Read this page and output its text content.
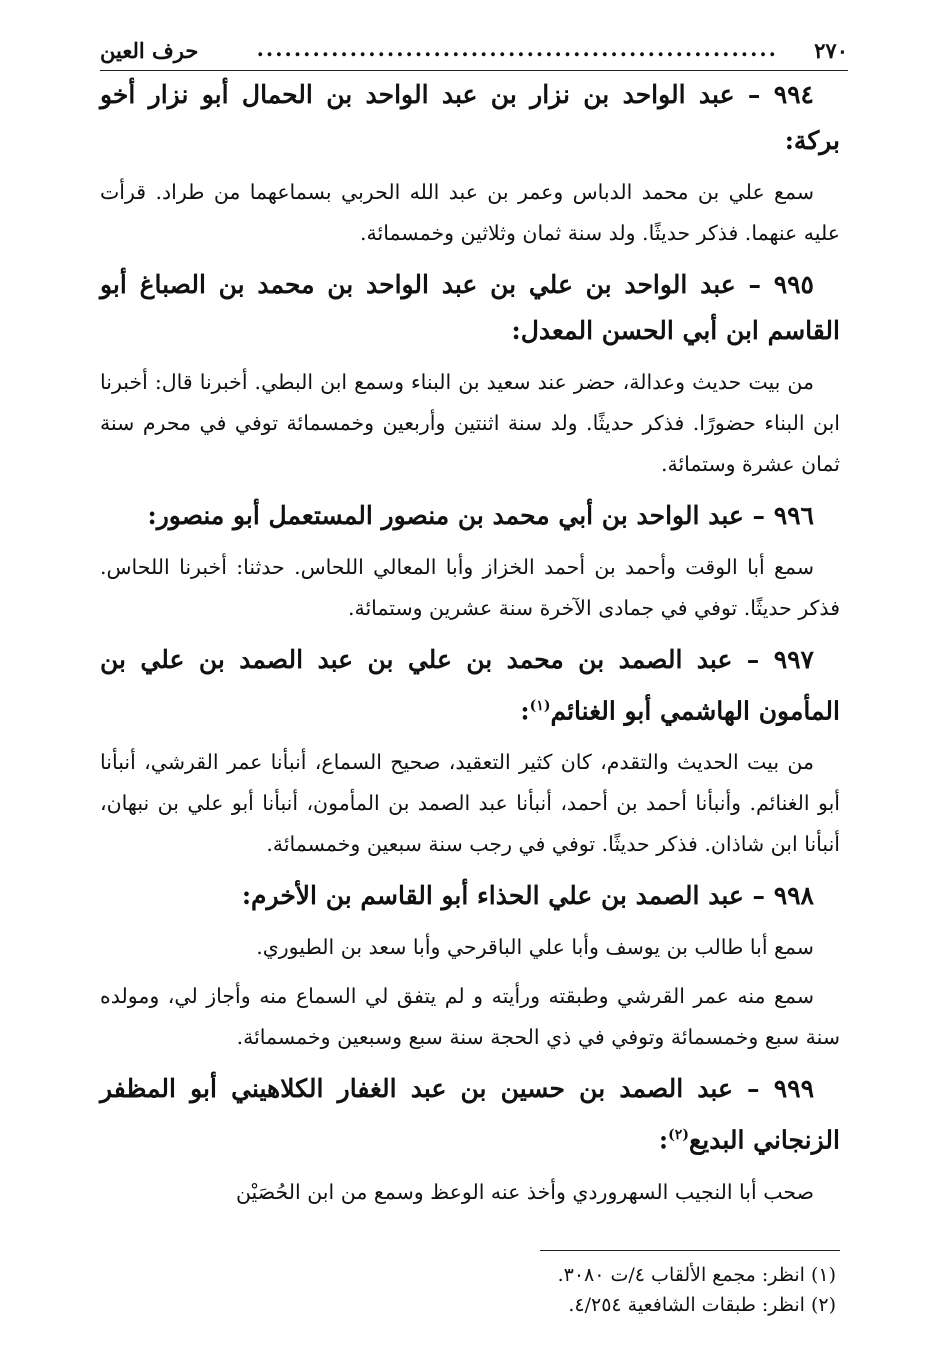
٢٧٠
........................................................
حرف العين

٩٩٤ – عبد الواحد بن نزار بن عبد الواحد بن الحمال أبو نزار أخو بركة:

سمع علي بن محمد الدباس وعمر بن عبد الله الحربي بسماعهما من طراد. قرأت عليه عنهما. فذكر حديثًا. ولد سنة ثمان وثلاثين وخمسمائة.

٩٩٥ – عبد الواحد بن علي بن عبد الواحد بن محمد بن الصباغ أبو القاسم ابن أبي الحسن المعدل:

من بيت حديث وعدالة، حضر عند سعيد بن البناء وسمع ابن البطي. أخبرنا قال: أخبرنا ابن البناء حضورًا. فذكر حديثًا. ولد سنة اثنتين وأربعين وخمسمائة توفي في محرم سنة ثمان عشرة وستمائة.

٩٩٦ – عبد الواحد بن أبي محمد بن منصور المستعمل أبو منصور:

سمع أبا الوقت وأحمد بن أحمد الخزاز وأبا المعالي اللحاس. حدثنا: أخبرنا اللحاس. فذكر حديثًا. توفي في جمادى الآخرة سنة عشرين وستمائة.

٩٩٧ – عبد الصمد بن محمد بن علي بن عبد الصمد بن علي بن المأمون الهاشمي أبو الغنائم$^{(١)}$:

من بيت الحديث والتقدم، كان كثير التعقيد، صحيح السماع، أنبأنا عمر القرشي، أنبأنا أبو الغنائم. وأنبأنا أحمد بن أحمد، أنبأنا عبد الصمد بن المأمون، أنبأنا أبو علي بن نبهان، أنبأنا ابن شاذان. فذكر حديثًا. توفي في رجب سنة سبعين وخمسمائة.

٩٩٨ – عبد الصمد بن علي الحذاء أبو القاسم بن الأخرم:

سمع أبا طالب بن يوسف وأبا علي الباقرحي وأبا سعد بن الطيوري.

سمع منه عمر القرشي وطبقته ورأيته و لم يتفق لي السماع منه وأجاز لي، ومولده سنة سبع وخمسمائة وتوفي في ذي الحجة سنة سبع وسبعين وخمسمائة.

٩٩٩ – عبد الصمد بن حسين بن عبد الغفار الكلاهيني أبو المظفر الزنجاني البديع$^{(٢)}$:

صحب أبا النجيب السهروردي وأخذ عنه الوعظ وسمع من ابن الحُصَيْن

(١) انظر: مجمع الألقاب ٤/ت ٣٠٨٠.
(٢) انظر: طبقات الشافعية ٤/٢٥٤.
